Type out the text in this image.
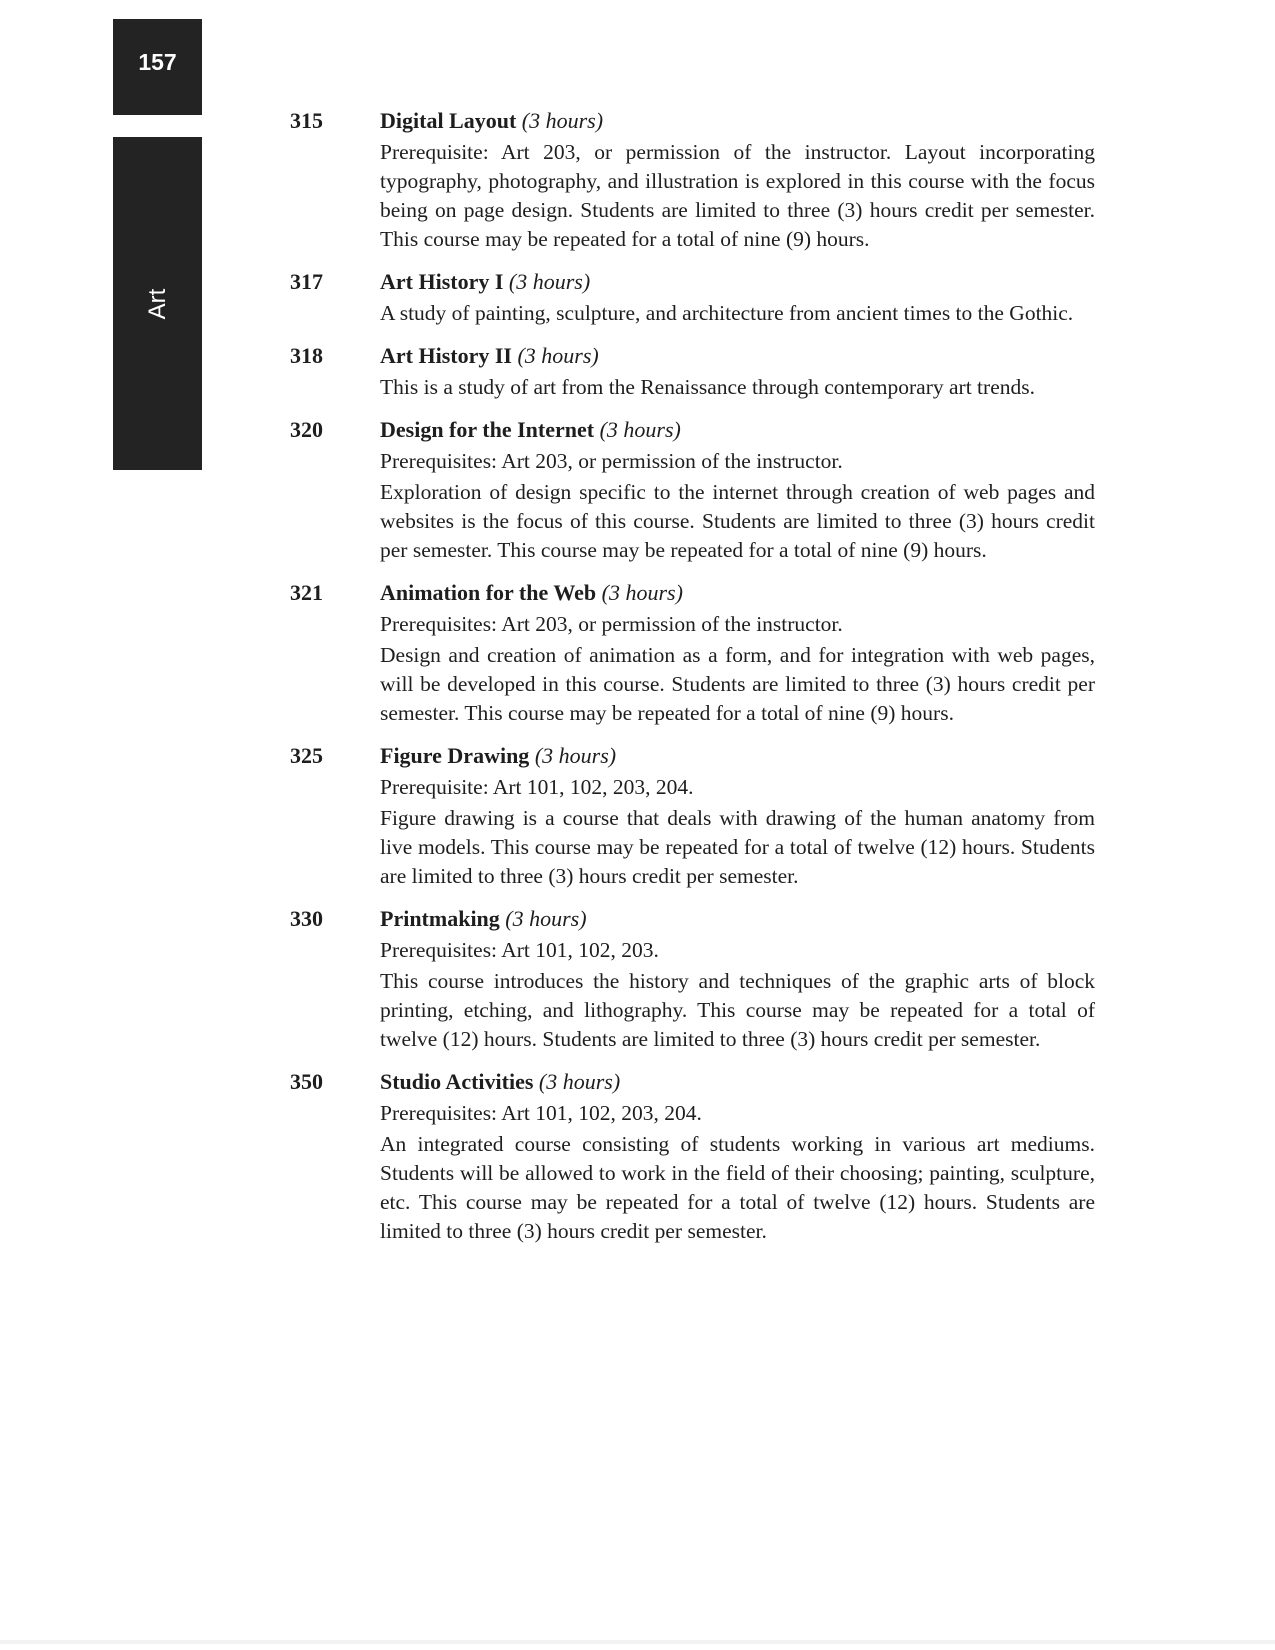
157
Art
315	Digital Layout (3 hours)
Prerequisite: Art 203, or permission of the instructor. Layout incorporating typography, photography, and illustration is explored in this course with the focus being on page design. Students are limited to three (3) hours credit per semester. This course may be repeated for a total of nine (9) hours.
317	Art History I (3 hours)
A study of painting, sculpture, and architecture from ancient times to the Gothic.
318	Art History II (3 hours)
This is a study of art from the Renaissance through contemporary art trends.
320	Design for the Internet (3 hours)
Prerequisites: Art 203, or permission of the instructor.
Exploration of design specific to the internet through creation of web pages and websites is the focus of this course. Students are limited to three (3) hours credit per semester. This course may be repeated for a total of nine (9) hours.
321	Animation for the Web (3 hours)
Prerequisites: Art 203, or permission of the instructor.
Design and creation of animation as a form, and for integration with web pages, will be developed in this course. Students are limited to three (3) hours credit per semester. This course may be repeated for a total of nine (9) hours.
325	Figure Drawing (3 hours)
Prerequisite: Art 101, 102, 203, 204.
Figure drawing is a course that deals with drawing of the human anatomy from live models. This course may be repeated for a total of twelve (12) hours. Students are limited to three (3) hours credit per semester.
330	Printmaking (3 hours)
Prerequisites: Art 101, 102, 203.
This course introduces the history and techniques of the graphic arts of block printing, etching, and lithography. This course may be repeated for a total of twelve (12) hours. Students are limited to three (3) hours credit per semester.
350	Studio Activities (3 hours)
Prerequisites: Art 101, 102, 203, 204.
An integrated course consisting of students working in various art mediums. Students will be allowed to work in the field of their choosing; painting, sculpture, etc. This course may be repeated for a total of twelve (12) hours. Students are limited to three (3) hours credit per semester.
